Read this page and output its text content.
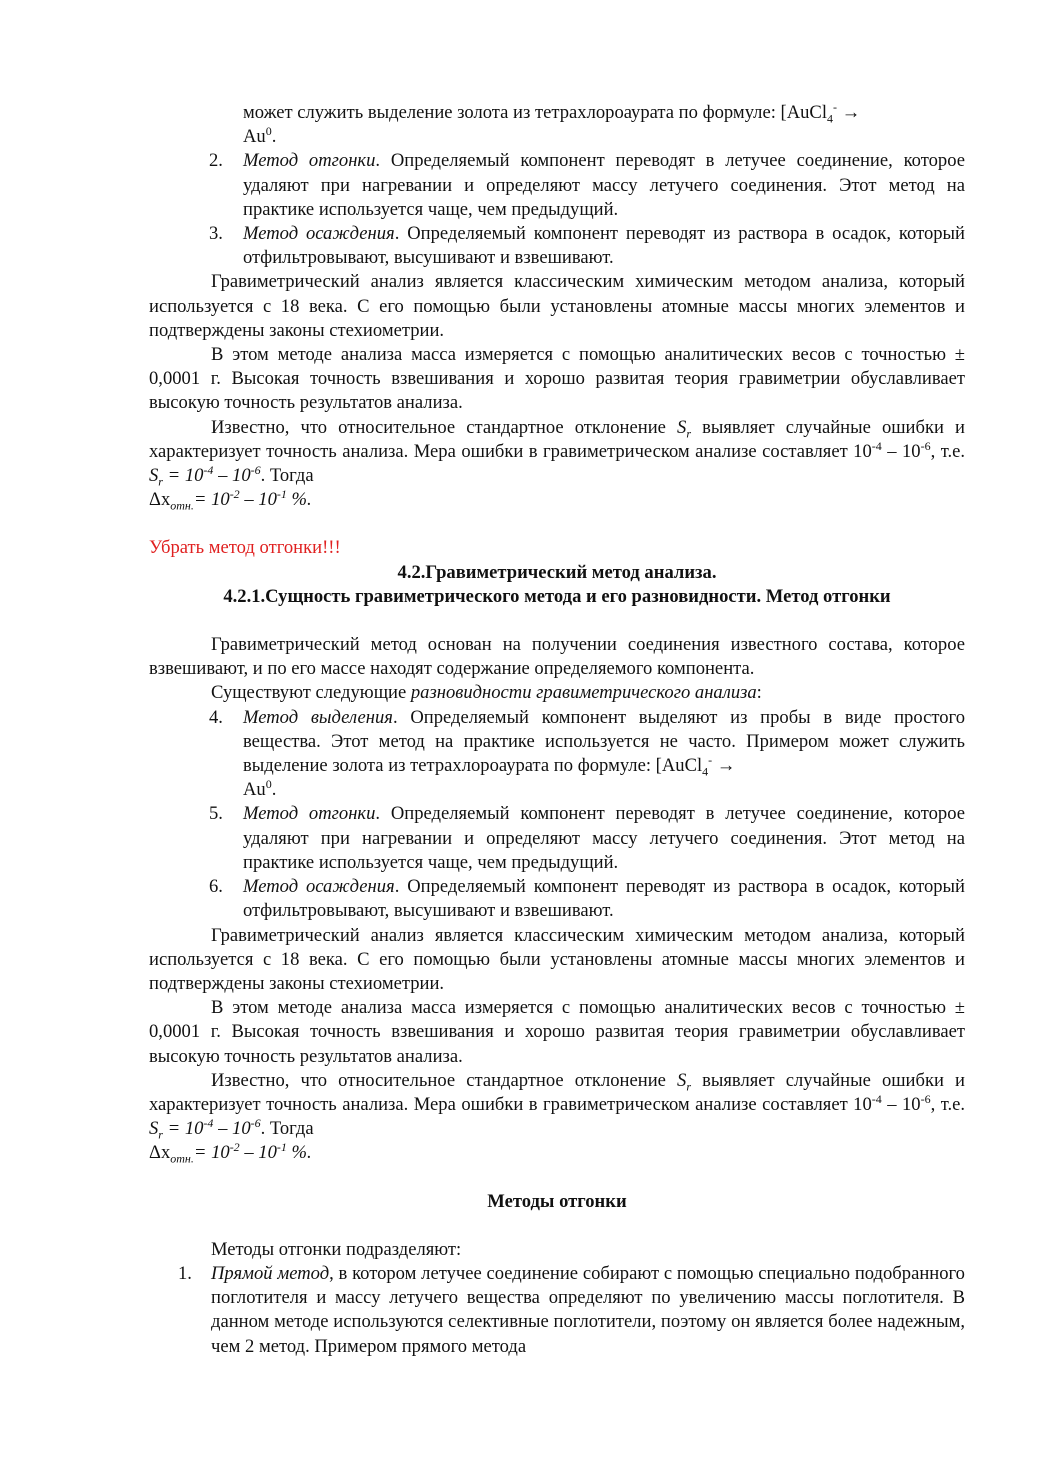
может служить выделение золота из тетрахлороаурата по формуле: [AuCl$_4$- →
$Au^0$.
2. Метод отгонки. Определяемый компонент переводят в летучее соединение, которое удаляют при нагревании и определяют массу летучего соединения. Этот метод на практике используется чаще, чем предыдущий.
3. Метод осаждения. Определяемый компонент переводят из раствора в осадок, который отфильтровывают, высушивают и взвешивают.

Гравиметрический анализ является классическим химическим методом анализа, который используется с 18 века. С его помощью были установлены атомные массы многих элементов и подтверждены законы стехиометрии.

В этом методе анализа масса измеряется с помощью аналитических весов с точностью ± 0,0001 г. Высокая точность взвешивания и хорошо развитая теория гравиметрии обуславливает высокую точность результатов анализа.

Известно, что относительное стандартное отклонение $S_r$ выявляет случайные ошибки и характеризует точность анализа. Мера ошибки в гравиметрическом анализе составляет $10^{-4} - 10^{-6}$, т.е. $S_r = 10^{-4} - 10^{-6}$. Тогда

$\Delta x_{отн.}= 10^{-2} - 10^{-1}$ %.
Убрать метод отгонки!!!
4.2.Гравиметрический метод анализа.
4.2.1.Сущность гравиметрического метода и его разновидности. Метод отгонки

Гравиметрический метод основан на получении соединения известного состава, которое взвешивают, и по его массе находят содержание определяемого компонента.

Существуют следующие разновидности гравиметрического анализа:

4. Метод выделения. Определяемый компонент выделяют из пробы в виде простого вещества. Этот метод на практике используется не часто. Примером может служить выделение золота из тетрахлороаурата по формуле: [AuCl$_4$- →
$Au^0$.
5. Метод отгонки. Определяемый компонент переводят в летучее соединение, которое удаляют при нагревании и определяют массу летучего соединения. Этот метод на практике используется чаще, чем предыдущий.
6. Метод осаждения. Определяемый компонент переводят из раствора в осадок, который отфильтровывают, высушивают и взвешивают.

Гравиметрический анализ является классическим химическим методом анализа, который используется с 18 века. С его помощью были установлены атомные массы многих элементов и подтверждены законы стехиометрии.

В этом методе анализа масса измеряется с помощью аналитических весов с точностью ± 0,0001 г. Высокая точность взвешивания и хорошо развитая теория гравиметрии обуславливает высокую точность результатов анализа.

Известно, что относительное стандартное отклонение $S_r$ выявляет случайные ошибки и характеризует точность анализа. Мера ошибки в гравиметрическом анализе составляет $10^{-4} - 10^{-6}$, т.е. $S_r = 10^{-4} - 10^{-6}$. Тогда

$\Delta x_{отн.}= 10^{-2} - 10^{-1}$ %.
Методы отгонки

Методы отгонки подразделяют:

1. Прямой метод, в котором летучее соединение собирают с помощью специально подобранного поглотителя и массу летучего вещества определяют по увеличению массы поглотителя. В данном методе используются селективные поглотители, поэтому он является более надежным, чем 2 метод. Примером прямого метода
